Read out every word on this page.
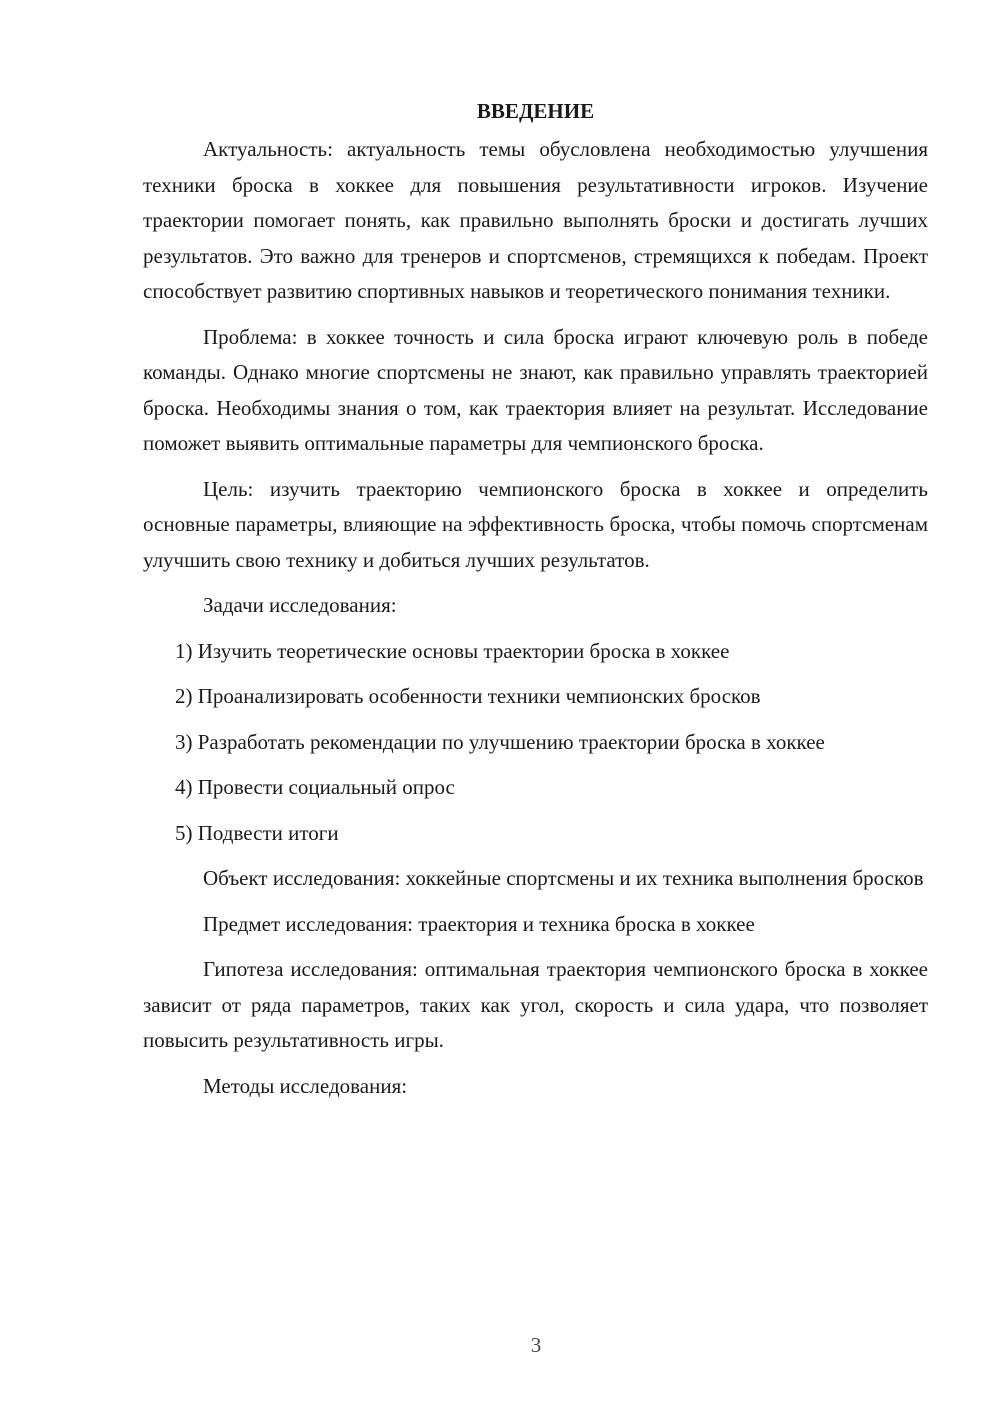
ВВЕДЕНИЕ

Актуальность: актуальность темы обусловлена необходимостью улучшения техники броска в хоккее для повышения результативности игроков. Изучение траектории помогает понять, как правильно выполнять броски и достигать лучших результатов. Это важно для тренеров и спортсменов, стремящихся к победам. Проект способствует развитию спортивных навыков и теоретического понимания техники.

Проблема: в хоккее точность и сила броска играют ключевую роль в победе команды. Однако многие спортсмены не знают, как правильно управлять траекторией броска. Необходимы знания о том, как траектория влияет на результат. Исследование поможет выявить оптимальные параметры для чемпионского броска.

Цель: изучить траекторию чемпионского броска в хоккее и определить основные параметры, влияющие на эффективность броска, чтобы помочь спортсменам улучшить свою технику и добиться лучших результатов.

Задачи исследования:

1) Изучить теоретические основы траектории броска в хоккее

2) Проанализировать особенности техники чемпионских бросков

3) Разработать рекомендации по улучшению траектории броска в хоккее

4) Провести социальный опрос

5) Подвести итоги

Объект исследования: хоккейные спортсмены и их техника выполнения бросков

Предмет исследования: траектория и техника броска в хоккее

Гипотеза исследования: оптимальная траектория чемпионского броска в хоккее зависит от ряда параметров, таких как угол, скорость и сила удара, что позволяет повысить результативность игры.

Методы исследования:

3
